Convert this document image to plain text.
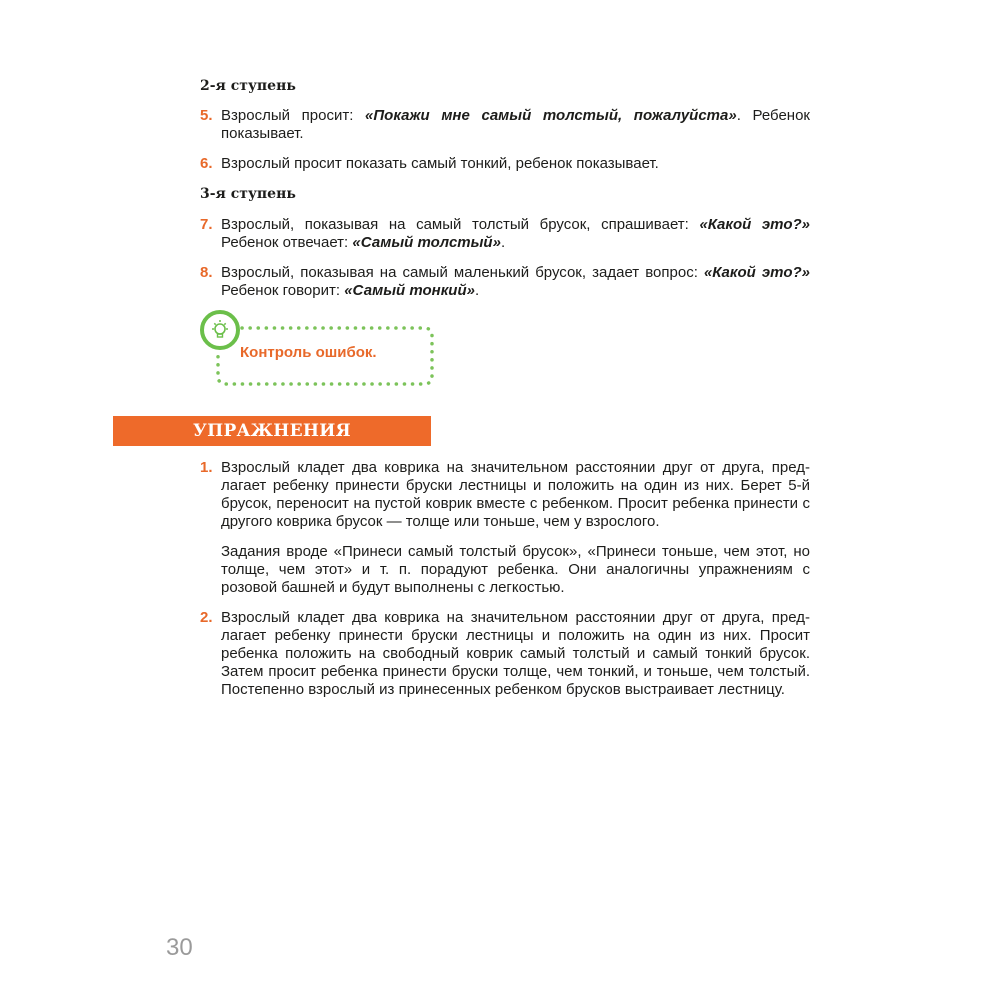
2-я ступень
5. Взрослый просит: «Покажи мне самый толстый, пожалуйста». Ребенок показывает.
6. Взрослый просит показать самый тонкий, ребенок показывает.
3-я ступень
7. Взрослый, показывая на самый толстый брусок, спрашивает: «Какой это?» Ребенок отвечает: «Самый толстый».
8. Взрослый, показывая на самый маленький брусок, задает вопрос: «Какой это?» Ребенок говорит: «Самый тонкий».
Контроль ошибок.
УПРАЖНЕНИЯ
1. Взрослый кладет два коврика на значительном расстоянии друг от друга, предлагает ребенку принести бруски лестницы и положить на один из них. Берет 5-й брусок, переносит на пустой коврик вместе с ребенком. Просит ребенка принести с другого коврика брусок — толще или тоньше, чем у взрослого.
Задания вроде «Принеси самый толстый брусок», «Принеси тоньше, чем этот, но толще, чем этот» и т. п. порадуют ребенка. Они аналогичны упражнениям с розовой башней и будут выполнены с легкостью.
2. Взрослый кладет два коврика на значительном расстоянии друг от друга, предлагает ребенку принести бруски лестницы и положить на один из них. Просит ребенка положить на свободный коврик самый толстый и самый тонкий брусок. Затем просит ребенка принести бруски толще, чем тонкий, и тоньше, чем толстый. Постепенно взрослый из принесенных ребенком брусков выстраивает лестницу.
30
